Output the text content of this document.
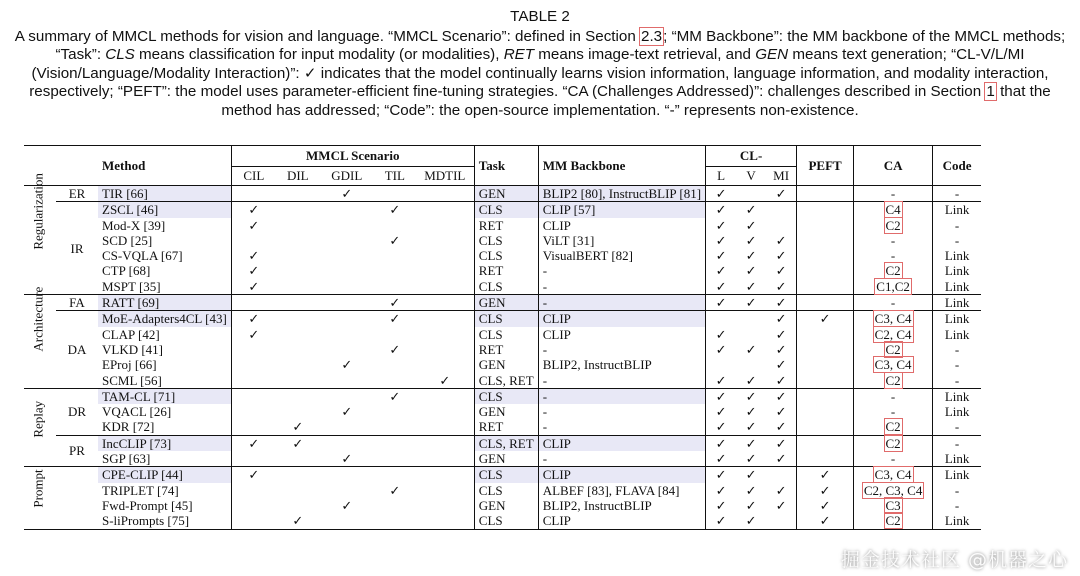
TABLE 2

A summary of MMCL methods for vision and language. “MMCL Scenario”: defined in Section 2.3; “MM Backbone”: the MM backbone of the MMCL methods; “Task”: CLS means classification for input modality (or modalities), RET means image-text retrieval, and GEN means text generation; “CL-V/L/MI (Vision/Language/Modality Interaction)”: ✓ indicates that the model continually learns vision information, language information, and modality interaction, respectively; “PEFT”: the model uses parameter-efficient fine-tuning strategies. “CA (Challenges Addressed)”: challenges described in Section 1 that the method has addressed; “Code”: the open-source implementation. “-” represents non-existence.

		Method	MMCL Scenario					Task	MM Backbone	CL-			PEFT	CA	Code
			CIL	DIL	GDIL	TIL	MDTIL			L	V	MI			

Regularization	ER	TIR [66]			✓			GEN	BLIP2 [80], InstructBLIP [81]	✓		✓		-	-
	IR	ZSCL [46]	✓			✓		CLS	CLIP [57]	✓	✓			C4	Link
		Mod-X [39]	✓					RET	CLIP	✓	✓			C2	-
		SCD [25]				✓		CLS	ViLT [31]	✓	✓	✓		-	-
		CS-VQLA [67]	✓					CLS	VisualBERT [82]	✓	✓	✓		-	Link
		CTP [68]	✓					RET	-	✓	✓	✓		C2	Link
		MSPT [35]	✓					CLS	-	✓	✓	✓		C1,C2	Link

Architecture	FA	RATT [69]				✓		GEN	-	✓	✓	✓		-	Link
	DA	MoE-Adapters4CL [43]	✓			✓		CLS	CLIP			✓	✓	C3, C4	Link
		CLAP [42]	✓					CLS	CLIP	✓		✓		C2, C4	Link
		VLKD [41]				✓		RET	-	✓	✓	✓		C2	-
		EProj [66]			✓			GEN	BLIP2, InstructBLIP			✓		C3, C4	-
		SCML [56]					✓	CLS, RET	-	✓	✓	✓		C2	-

Replay	DR	TAM-CL [71]				✓		CLS	-	✓	✓	✓		-	Link
		VQACL [26]			✓			GEN	-	✓	✓	✓		-	Link
		KDR [72]		✓				RET	-	✓	✓	✓		C2	-
	PR	IncCLIP [73]	✓	✓				CLS, RET	CLIP	✓	✓	✓		C2	-
		SGP [63]			✓			GEN	-	✓	✓	✓		-	Link

Prompt		CPE-CLIP [44]	✓					CLS	CLIP	✓	✓		✓	C3, C4	Link
		TRIPLET [74]				✓		CLS	ALBEF [83], FLAVA [84]	✓	✓	✓	✓	C2, C3, C4	-
		Fwd-Prompt [45]			✓			GEN	BLIP2, InstructBLIP	✓	✓	✓	✓	C3	-
		S-liPrompts [75]		✓				CLS	CLIP	✓	✓		✓	C2	Link

掘金技术社区 @机器之心
